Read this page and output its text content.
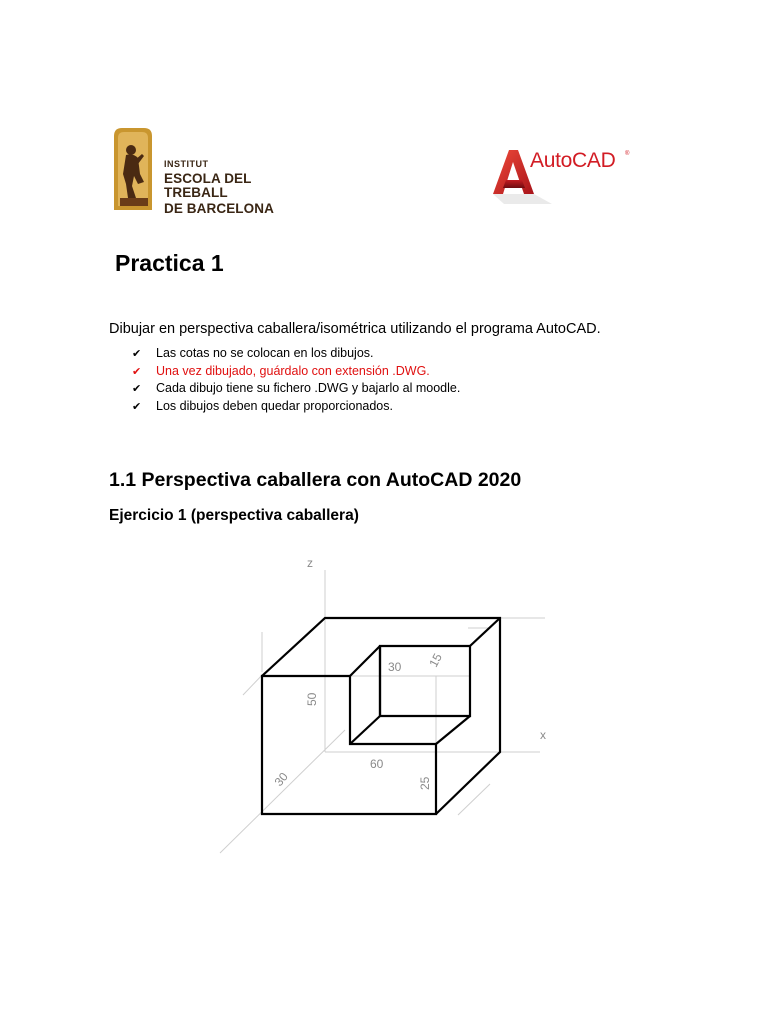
INSTITUT
ESCOLA DEL TREBALL
DE BARCELONA
AutoCAD ®
Practica 1
Dibujar en perspectiva caballera/isométrica utilizando el programa AutoCAD.
✔ Las cotas no se colocan en los dibujos.
✔ Una vez dibujado, guárdalo con extensión .DWG.
✔ Cada dibujo tiene su fichero .DWG y bajarlo al moodle.
✔ Los dibujos deben quedar proporcionados.
1.1 Perspectiva caballera con AutoCAD 2020
Ejercicio 1 (perspectiva caballera)
z
x
30 15
50
60
30	25
